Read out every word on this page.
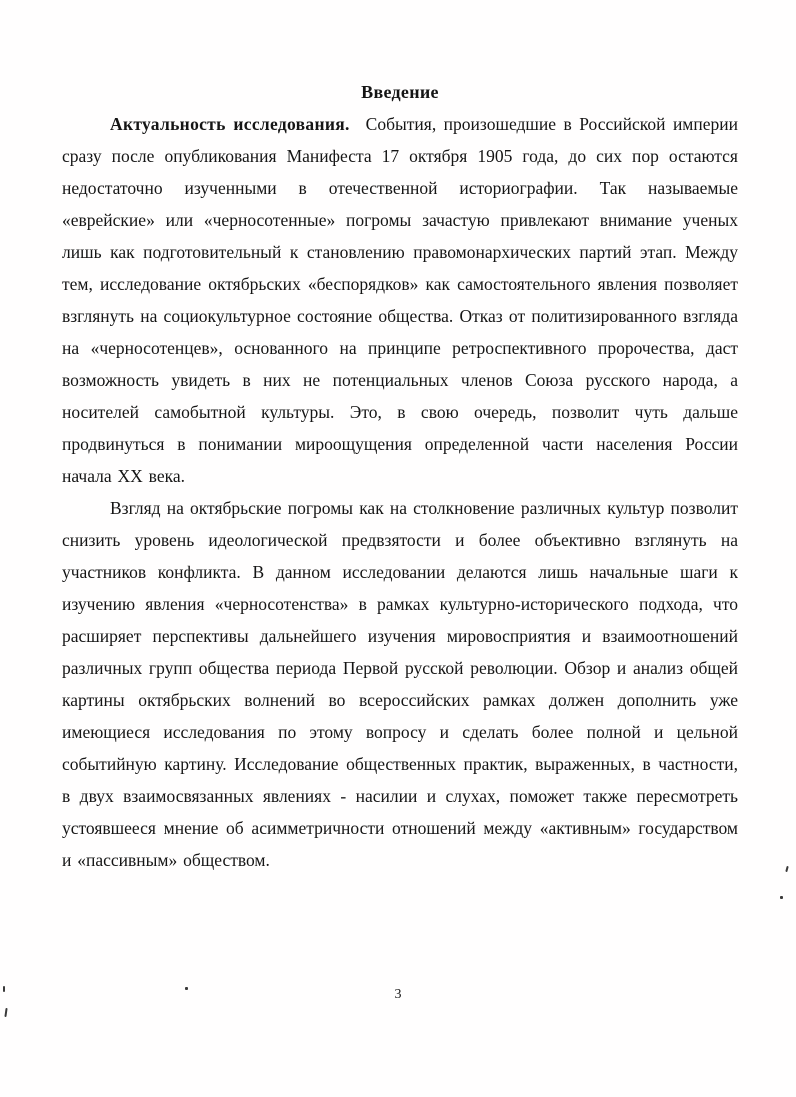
Введение

Актуальность исследования. События, произошедшие в Российской империи сразу после опубликования Манифеста 17 октября 1905 года, до сих пор остаются недостаточно изученными в отечественной историографии. Так называемые «еврейские» или «черносотенные» погромы зачастую привлекают внимание ученых лишь как подготовительный к становлению правомонархических партий этап. Между тем, исследование октябрьских «беспорядков» как самостоятельного явления позволяет взглянуть на социокультурное состояние общества. Отказ от политизированного взгляда на «черносотенцев», основанного на принципе ретроспективного пророчества, даст возможность увидеть в них не потенциальных членов Союза русского народа, а носителей самобытной культуры. Это, в свою очередь, позволит чуть дальше продвинуться в понимании мироощущения определенной части населения России начала XX века.

Взгляд на октябрьские погромы как на столкновение различных культур позволит снизить уровень идеологической предвзятости и более объективно взглянуть на участников конфликта. В данном исследовании делаются лишь начальные шаги к изучению явления «черносотенства» в рамках культурно-исторического подхода, что расширяет перспективы дальнейшего изучения мировосприятия и взаимоотношений различных групп общества периода Первой русской революции. Обзор и анализ общей картины октябрьских волнений во всероссийских рамках должен дополнить уже имеющиеся исследования по этому вопросу и сделать более полной и цельной событийную картину. Исследование общественных практик, выраженных, в частности, в двух взаимосвязанных явлениях - насилии и слухах, поможет также пересмотреть устоявшееся мнение об асимметричности отношений между «активным» государством и «пассивным» обществом.

3
